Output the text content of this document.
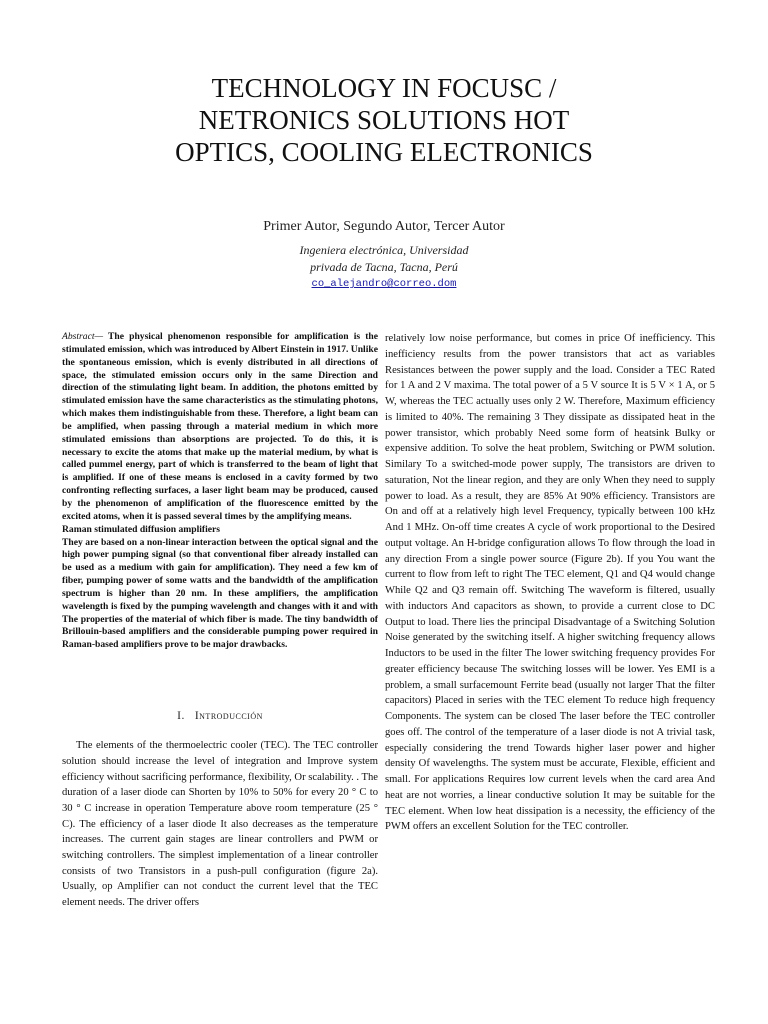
TECHNOLOGY IN FOCUSC / NETRONICS SOLUTIONS HOT OPTICS, COOLING ELECTRONICS
Primer Autor, Segundo Autor, Tercer Autor
Ingeniera electrónica, Universidad
privada de Tacna, Tacna, Perú
co_alejandro@correo.dom

Abstract— The physical phenomenon responsible for amplification is the stimulated emission, which was introduced by Albert Einstein in 1917. Unlike the spontaneous emission, which is evenly distributed in all directions of space, the stimulated emission occurs only in the same Direction and direction of the stimulating light beam. In addition, the photons emitted by stimulated emission have the same characteristics as the stimulating photons, which makes them indistinguishable from these. Therefore, a light beam can be amplified, when passing through a material medium in which more stimulated emissions than absorptions are projected. To do this, it is necessary to excite the atoms that make up the material medium, by what is called pummel energy, part of which is transferred to the beam of light that is amplified. If one of these means is enclosed in a cavity formed by two confronting reflecting surfaces, a laser light beam may be produced, caused by the phenomenon of amplification of the fluorescence emitted by the excited atoms, when it is passed several times by the amplifying means.
Raman stimulated diffusion amplifiers
They are based on a non-linear interaction between the optical signal and the high power pumping signal (so that conventional fiber already installed can be used as a medium with gain for amplification). They need a few km of fiber, pumping power of some watts and the bandwidth of the amplification spectrum is higher than 20 nm. In these amplifiers, the amplification wavelength is fixed by the pumping wavelength and changes with it and with The properties of the material of which fiber is made. The tiny bandwidth of Brillouin-based amplifiers and the considerable pumping power required in Raman-based amplifiers prove to be major drawbacks.

I. Introducción

The elements of the thermoelectric cooler (TEC). The TEC controller solution should increase the level of integration and Improve system efficiency without sacrificing performance, flexibility, Or scalability. . The duration of a laser diode can Shorten by 10% to 50% for every 20 ° C to 30 ° C increase in operation Temperature above room temperature (25 ° C). The efficiency of a laser diode It also decreases as the temperature increases. The current gain stages are linear controllers and PWM or switching controllers. The simplest implementation of a linear controller consists of two Transistors in a push-pull configuration (figure 2a). Usually, op Amplifier can not conduct the current level that the TEC element needs. The driver offers

relatively low noise performance, but comes in price Of inefficiency. This inefficiency results from the power transistors that act as variables Resistances between the power supply and the load. Consider a TEC Rated for 1 A and 2 V maxima. The total power of a 5 V source It is 5 V × 1 A, or 5 W, whereas the TEC actually uses only 2 W. Therefore, Maximum efficiency is limited to 40%. The remaining 3 They dissipate as dissipated heat in the power transistor, which probably Need some form of heatsink Bulky or expensive addition. To solve the heat problem, Switching or PWM solution. Similary To a switched-mode power supply, The transistors are driven to saturation, Not the linear region, and they are only When they need to supply power to load. As a result, they are 85% At 90% efficiency. Transistors are On and off at a relatively high level Frequency, typically between 100 kHz And 1 MHz. On-off time creates A cycle of work proportional to the Desired output voltage. An H-bridge configuration allows To flow through the load in any direction From a single power source (Figure 2b). If you You want the current to flow from left to right The TEC element, Q1 and Q4 would change While Q2 and Q3 remain off. Switching The waveform is filtered, usually with inductors And capacitors as shown, to provide a current close to DC Output to load. There lies the principal Disadvantage of a Switching Solution Noise generated by the switching itself. A higher switching frequency allows Inductors to be used in the filter The lower switching frequency provides For greater efficiency because The switching losses will be lower. Yes EMI is a problem, a small surfacemount Ferrite bead (usually not larger That the filter capacitors) Placed in series with the TEC element To reduce high frequency Components. The system can be closed The laser before the TEC controller goes off. The control of the temperature of a laser diode is not A trivial task, especially considering the trend Towards higher laser power and higher density Of wavelengths. The system must be accurate, Flexible, efficient and small. For applications Requires low current levels when the card area And heat are not worries, a linear conductive solution It may be suitable for the TEC element. When low heat dissipation is a necessity, the efficiency of the PWM offers an excellent Solution for the TEC controller.
